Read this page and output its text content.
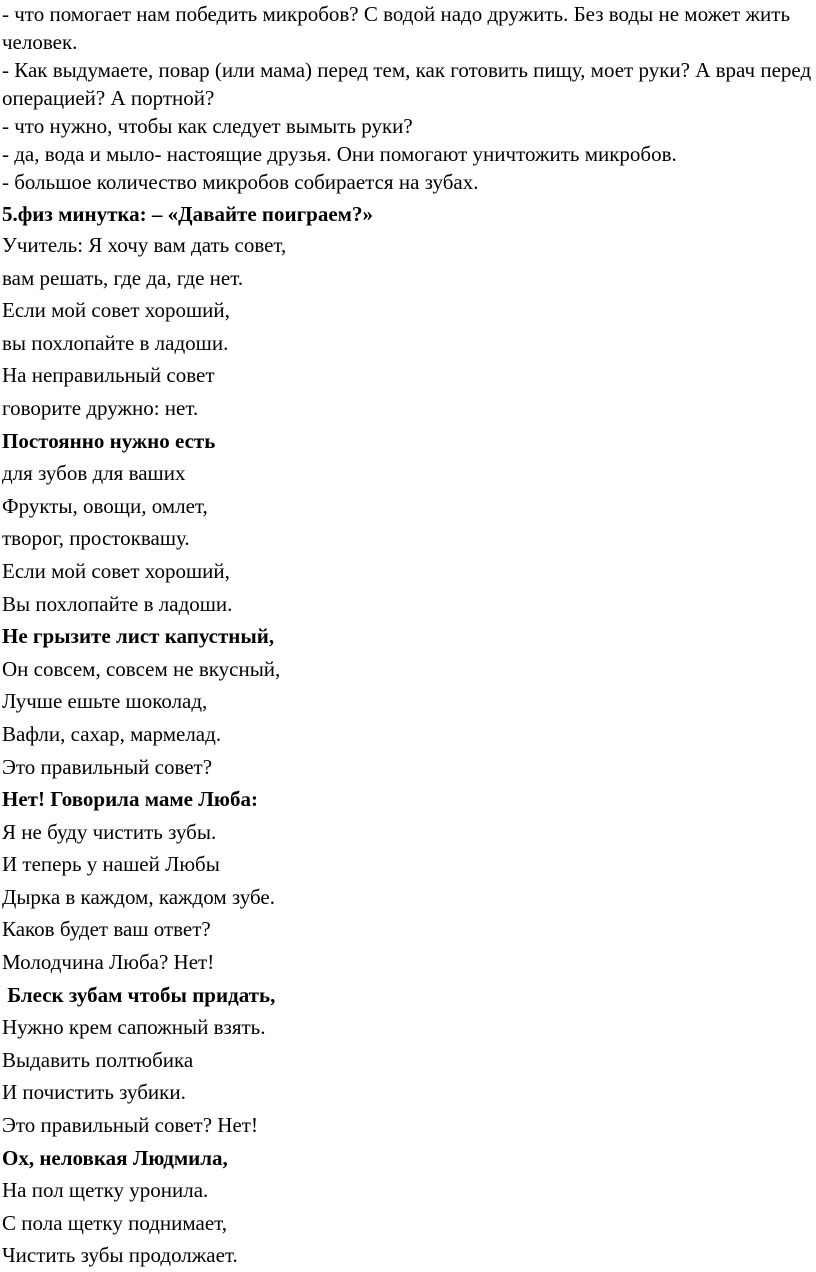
- что помогает нам победить микробов? С водой надо дружить. Без воды не может жить человек.

- Как выдумаете, повар (или мама) перед тем, как готовить пищу, моет руки? А врач перед операцией? А портной?

- что нужно, чтобы как следует вымыть руки?

- да, вода и мыло- настоящие друзья. Они помогают уничтожить микробов.

- большое количество микробов собирается на зубах.

5.физ минутка: – «Давайте поиграем?»

Учитель: Я хочу вам дать совет,

вам решать, где да, где нет.

Если мой совет хороший,

вы похлопайте в ладоши.

На неправильный совет

говорите дружно: нет.

Постоянно нужно есть

для зубов для ваших

Фрукты, овощи, омлет,

творог, простоквашу.

Если мой совет хороший,

Вы похлопайте в ладоши.

Не грызите лист капустный,

Он совсем, совсем не вкусный,

Лучше ешьте шоколад,

Вафли, сахар, мармелад.

Это правильный совет?

Нет! Говорила маме Люба:

Я не буду чистить зубы.

И теперь у нашей Любы

Дырка в каждом, каждом зубе.

Каков будет ваш ответ?

Молодчина Люба? Нет!

Блеск зубам чтобы придать,

Нужно крем сапожный взять.

Выдавить полтюбика

И почистить зубики.

Это правильный совет? Нет!

Ох, неловкая Людмила,

На пол щетку уронила.

С пола щетку поднимает,

Чистить зубы продолжает.
